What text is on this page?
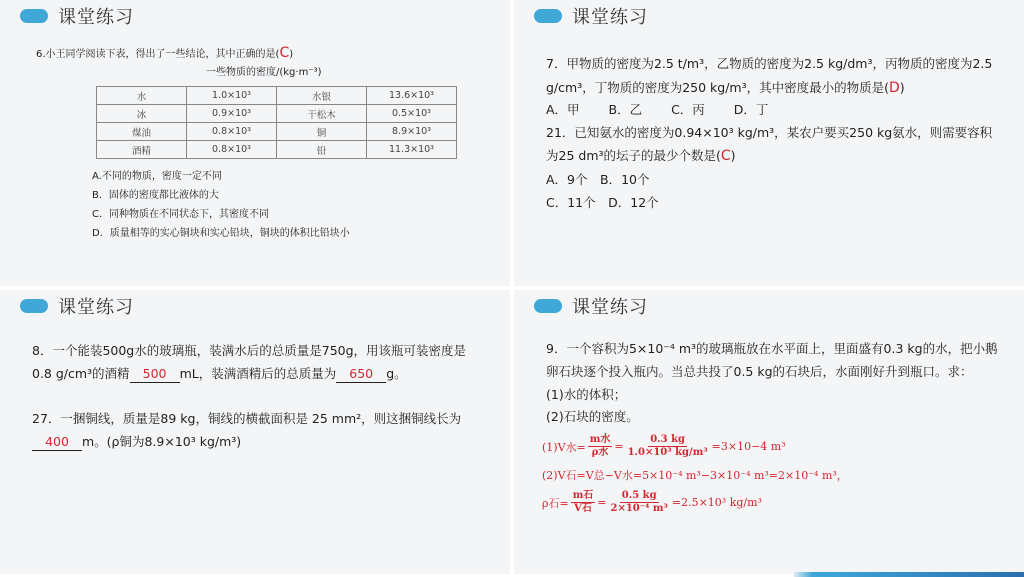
课堂练习
6.小王同学阅读下表，得出了一些结论，其中正确的是(C)
一些物质的密度/(kg·m⁻³)
水	1.0×10³	水银	13.6×10³
冰	0.9×10³	干松木	0.5×10³
煤油	0.8×10³	铜	8.9×10³
酒精	0.8×10³	铅	11.3×10³
A.不同的物质，密度一定不同
B．固体的密度都比液体的大
C．同种物质在不同状态下，其密度不同
D．质量相等的实心铜块和实心铅块，铜块的体积比铅块小
课堂练习
7．甲物质的密度为2.5 t/m³，乙物质的密度为2.5 kg/dm³，丙物质的密度为2.5
g/cm³，丁物质的密度为250 kg/m³，其中密度最小的物质是(D)
A．甲　　 B．乙　　 C．丙　　 D．丁
21．已知氨水的密度为0.94×10³ kg/m³，某农户要买250 kg氨水，则需要容积
为25 dm³的坛子的最少个数是(C)
A．9个　B．10个
C．11个　D．12个
课堂练习
8．一个能装500g水的玻璃瓶，装满水后的总质量是750g，用该瓶可装密度是
0.8 g/cm³的酒精 500 mL，装满酒精后的总质量为 650 g。
27．一捆铜线，质量是89 kg，铜线的横截面积是 25 mm²，则这捆铜线长为
400 m。(ρ铜为8.9×10³ kg/m³)
课堂练习
9．一个容积为5×10⁻⁴ m³的玻璃瓶放在水平面上，里面盛有0.3 kg的水，把小鹅
卵石块逐个投入瓶内。当总共投了0.5 kg的石块后，水面刚好升到瓶口。求：
(1)水的体积；
(2)石块的密度。
(1)V水= $\frac{\text{m水}}{\text{ρ水}} = \frac{0.3 kg}{\text{1.0×10³ kg/m³}} =3\times 10-4$ m³
(2)V石=V总−V水=5×10⁻⁴ m³−3×10⁻⁴ m³=2×10⁻⁴ m³，
ρ石= $\frac{\text{m石}}{\text{V石}} = \frac{0.5 kg}{\text{2×10⁻⁴ m³}} =2.5\times 10^3$ kg/m³
